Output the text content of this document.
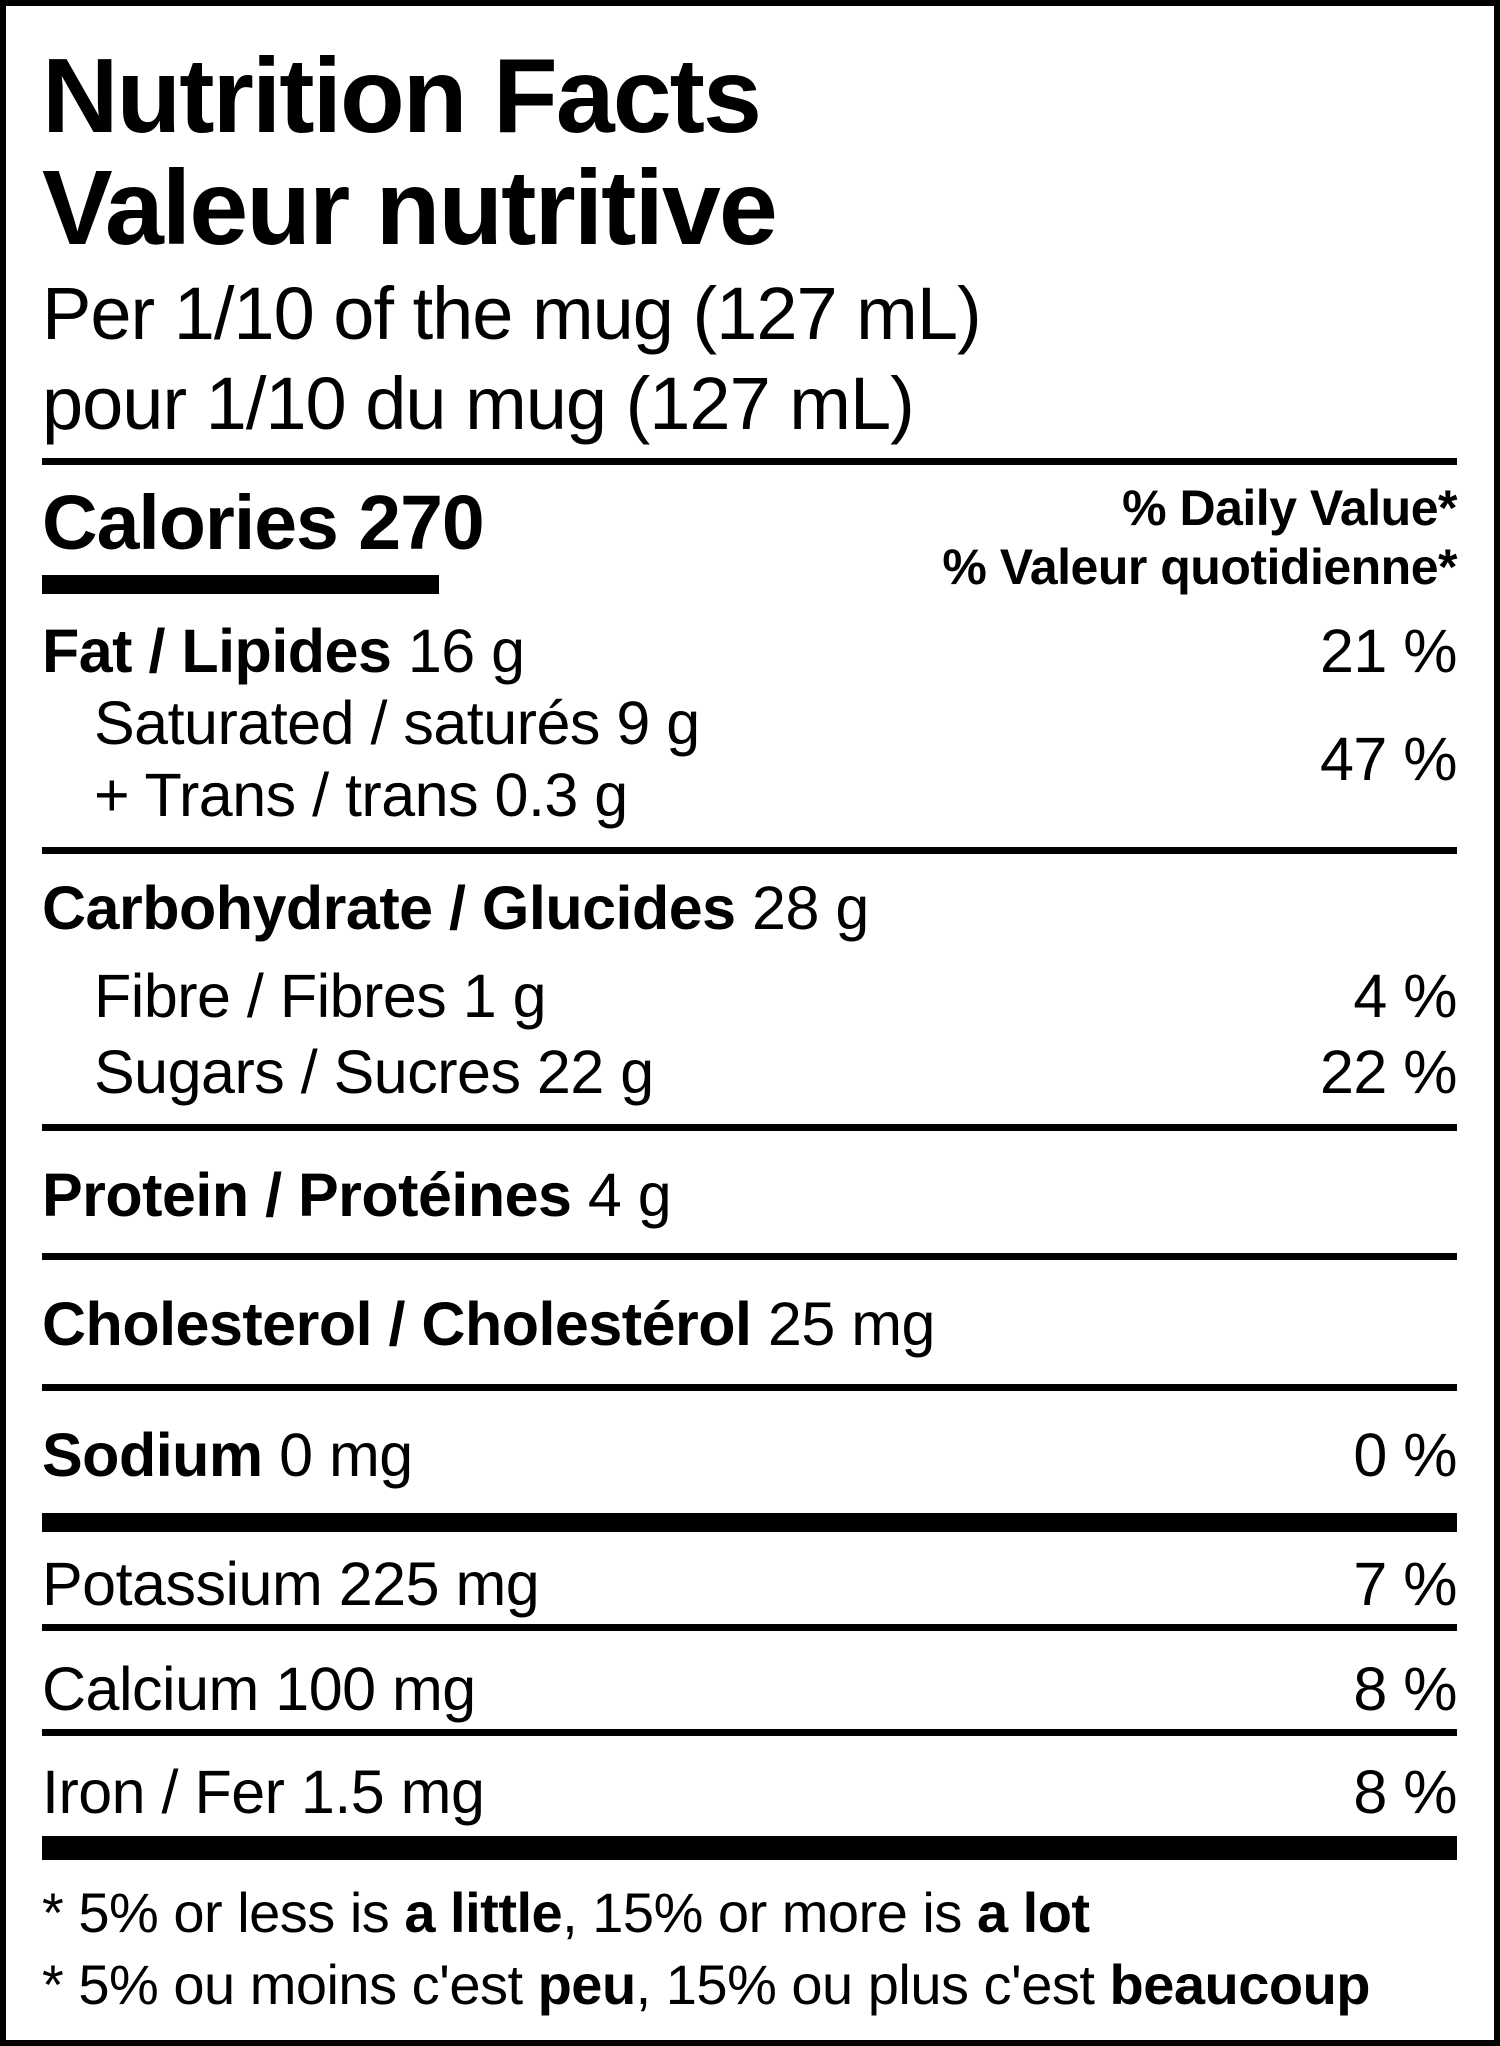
Nutrition Facts
Valeur nutritive
Per 1/10 of the mug (127 mL)
pour 1/10 du mug (127 mL)
Calories 270	% Daily Value*
% Valeur quotidienne*
Fat / Lipides 16 g	21 %
Saturated / saturés 9 g
+ Trans / trans 0.3 g
47 %
Carbohydrate / Glucides 28 g
Fibre / Fibres 1 g	4 %
Sugars / Sucres 22 g	22 %
Protein / Protéines 4 g
Cholesterol / Cholestérol 25 mg
Sodium 0 mg	0 %
Potassium 225 mg	7 %
Calcium 100 mg	8 %
Iron / Fer 1.5 mg	8 %
* 5% or less is a little, 15% or more is a lot
* 5% ou moins c'est peu, 15% ou plus c'est beaucoup
